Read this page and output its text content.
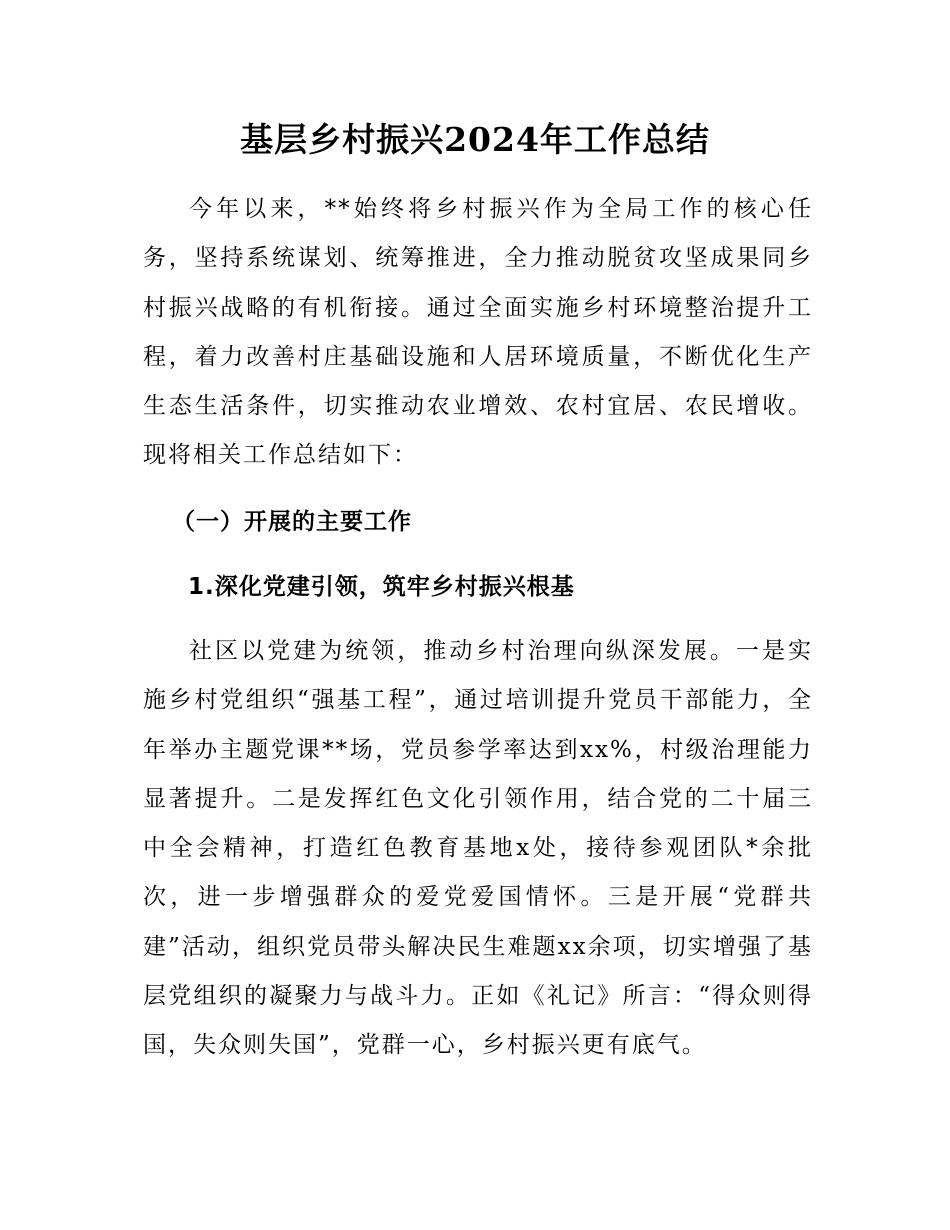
基层乡村振兴2024年工作总结

今年以来，**始终将乡村振兴作为全局工作的核心任务，坚持系统谋划、统筹推进，全力推动脱贫攻坚成果同乡村振兴战略的有机衔接。通过全面实施乡村环境整治提升工程，着力改善村庄基础设施和人居环境质量，不断优化生产生态生活条件，切实推动农业增效、农村宜居、农民增收。现将相关工作总结如下：

（一）开展的主要工作
1.深化党建引领，筑牢乡村振兴根基

社区以党建为统领，推动乡村治理向纵深发展。一是实施乡村党组织“强基工程”，通过培训提升党员干部能力，全年举办主题党课**场，党员参学率达到xx%，村级治理能力显著提升。二是发挥红色文化引领作用，结合党的二十届三中全会精神，打造红色教育基地x处，接待参观团队*余批次，进一步增强群众的爱党爱国情怀。三是开展“党群共建”活动，组织党员带头解决民生难题xx余项，切实增强了基层党组织的凝聚力与战斗力。正如《礼记》所言：“得众则得国，失众则失国”，党群一心，乡村振兴更有底气。
